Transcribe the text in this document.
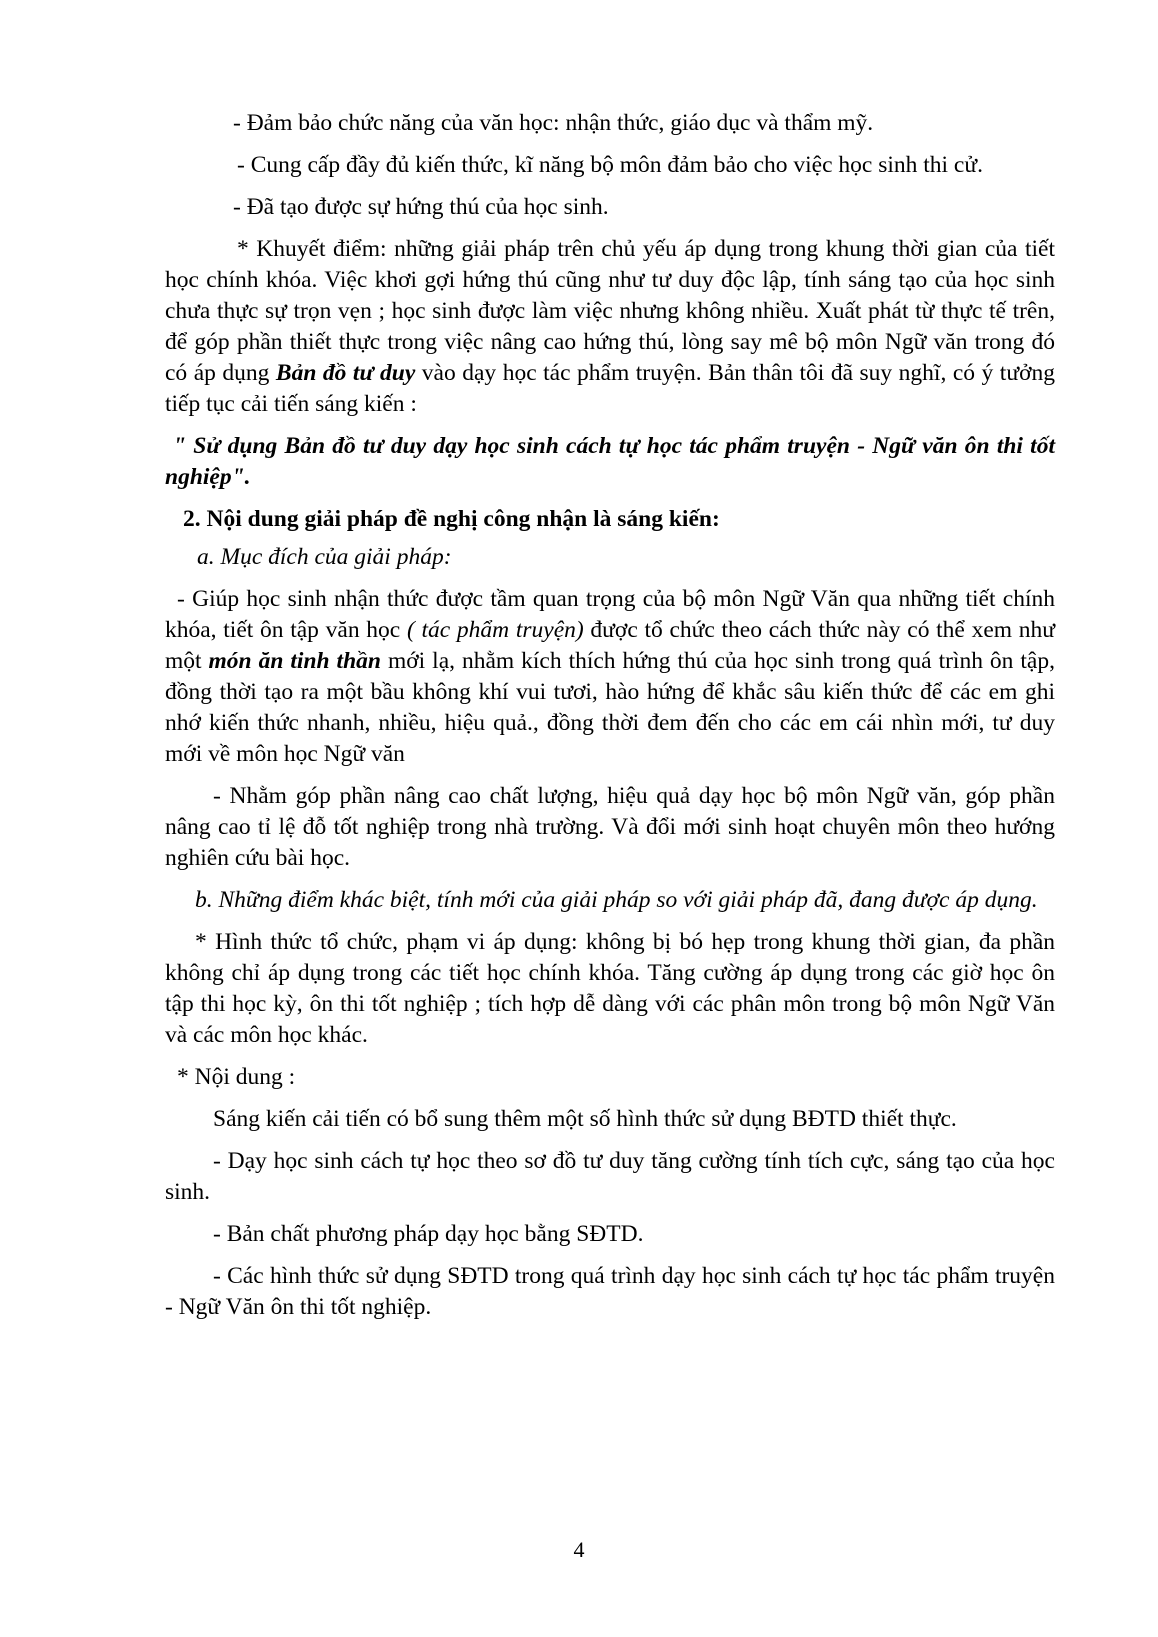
- Đảm bảo chức năng của văn học: nhận thức, giáo dục và thẩm mỹ.

- Cung cấp đầy đủ kiến thức, kĩ năng bộ môn đảm bảo cho việc học sinh thi cử.

- Đã tạo được sự hứng thú của học sinh.

* Khuyết điểm: những giải pháp trên chủ yếu áp dụng trong khung thời gian của tiết học chính khóa. Việc khơi gợi hứng thú cũng như tư duy độc lập, tính sáng tạo của học sinh chưa thực sự trọn vẹn ; học sinh được làm việc nhưng không nhiều. Xuất phát từ thực tế trên, để góp phần thiết thực trong việc nâng cao hứng thú, lòng say mê bộ môn Ngữ văn trong đó có áp dụng Bản đồ tư duy vào dạy học tác phẩm truyện. Bản thân tôi đã suy nghĩ, có ý tưởng tiếp tục cải tiến sáng kiến :

" Sử dụng Bản đồ tư duy dạy học sinh cách tự học tác phẩm truyện - Ngữ văn ôn thi tốt nghiệp".

2. Nội dung giải pháp đề nghị công nhận là sáng kiến:

a. Mục đích của giải pháp:

- Giúp học sinh nhận thức được tầm quan trọng của bộ môn Ngữ Văn qua những tiết chính khóa, tiết ôn tập văn học ( tác phẩm truyện) được tổ chức theo cách thức này có thể xem như một món ăn tinh thần mới lạ, nhằm kích thích hứng thú của học sinh trong quá trình ôn tập, đồng thời tạo ra một bầu không khí vui tươi, hào hứng để khắc sâu kiến thức để các em ghi nhớ kiến thức nhanh, nhiều, hiệu quả., đồng thời đem đến cho các em cái nhìn mới, tư duy mới về môn học Ngữ văn

- Nhằm góp phần nâng cao chất lượng, hiệu quả dạy học bộ môn Ngữ văn, góp phần nâng cao tỉ lệ đỗ tốt nghiệp trong nhà trường. Và đổi mới sinh hoạt chuyên môn theo hướng nghiên cứu bài học.

b. Những điểm khác biệt, tính mới của giải pháp so với giải pháp đã, đang được áp dụng.

* Hình thức tổ chức, phạm vi áp dụng: không bị bó hẹp trong khung thời gian, đa phần không chỉ áp dụng trong các tiết học chính khóa. Tăng cường áp dụng trong các giờ học ôn tập thi học kỳ, ôn thi tốt nghiệp ; tích hợp dễ dàng với các phân môn trong bộ môn Ngữ Văn và các môn học khác.

* Nội dung :

Sáng kiến cải tiến có bổ sung thêm một số hình thức sử dụng BĐTD thiết thực.

- Dạy học sinh cách tự học theo sơ đồ tư duy tăng cường tính tích cực, sáng tạo của học sinh.

- Bản chất phương pháp dạy học bằng SĐTD.

- Các hình thức sử dụng SĐTD trong quá trình dạy học sinh cách tự học tác phẩm truyện - Ngữ Văn ôn thi tốt nghiệp.

4
